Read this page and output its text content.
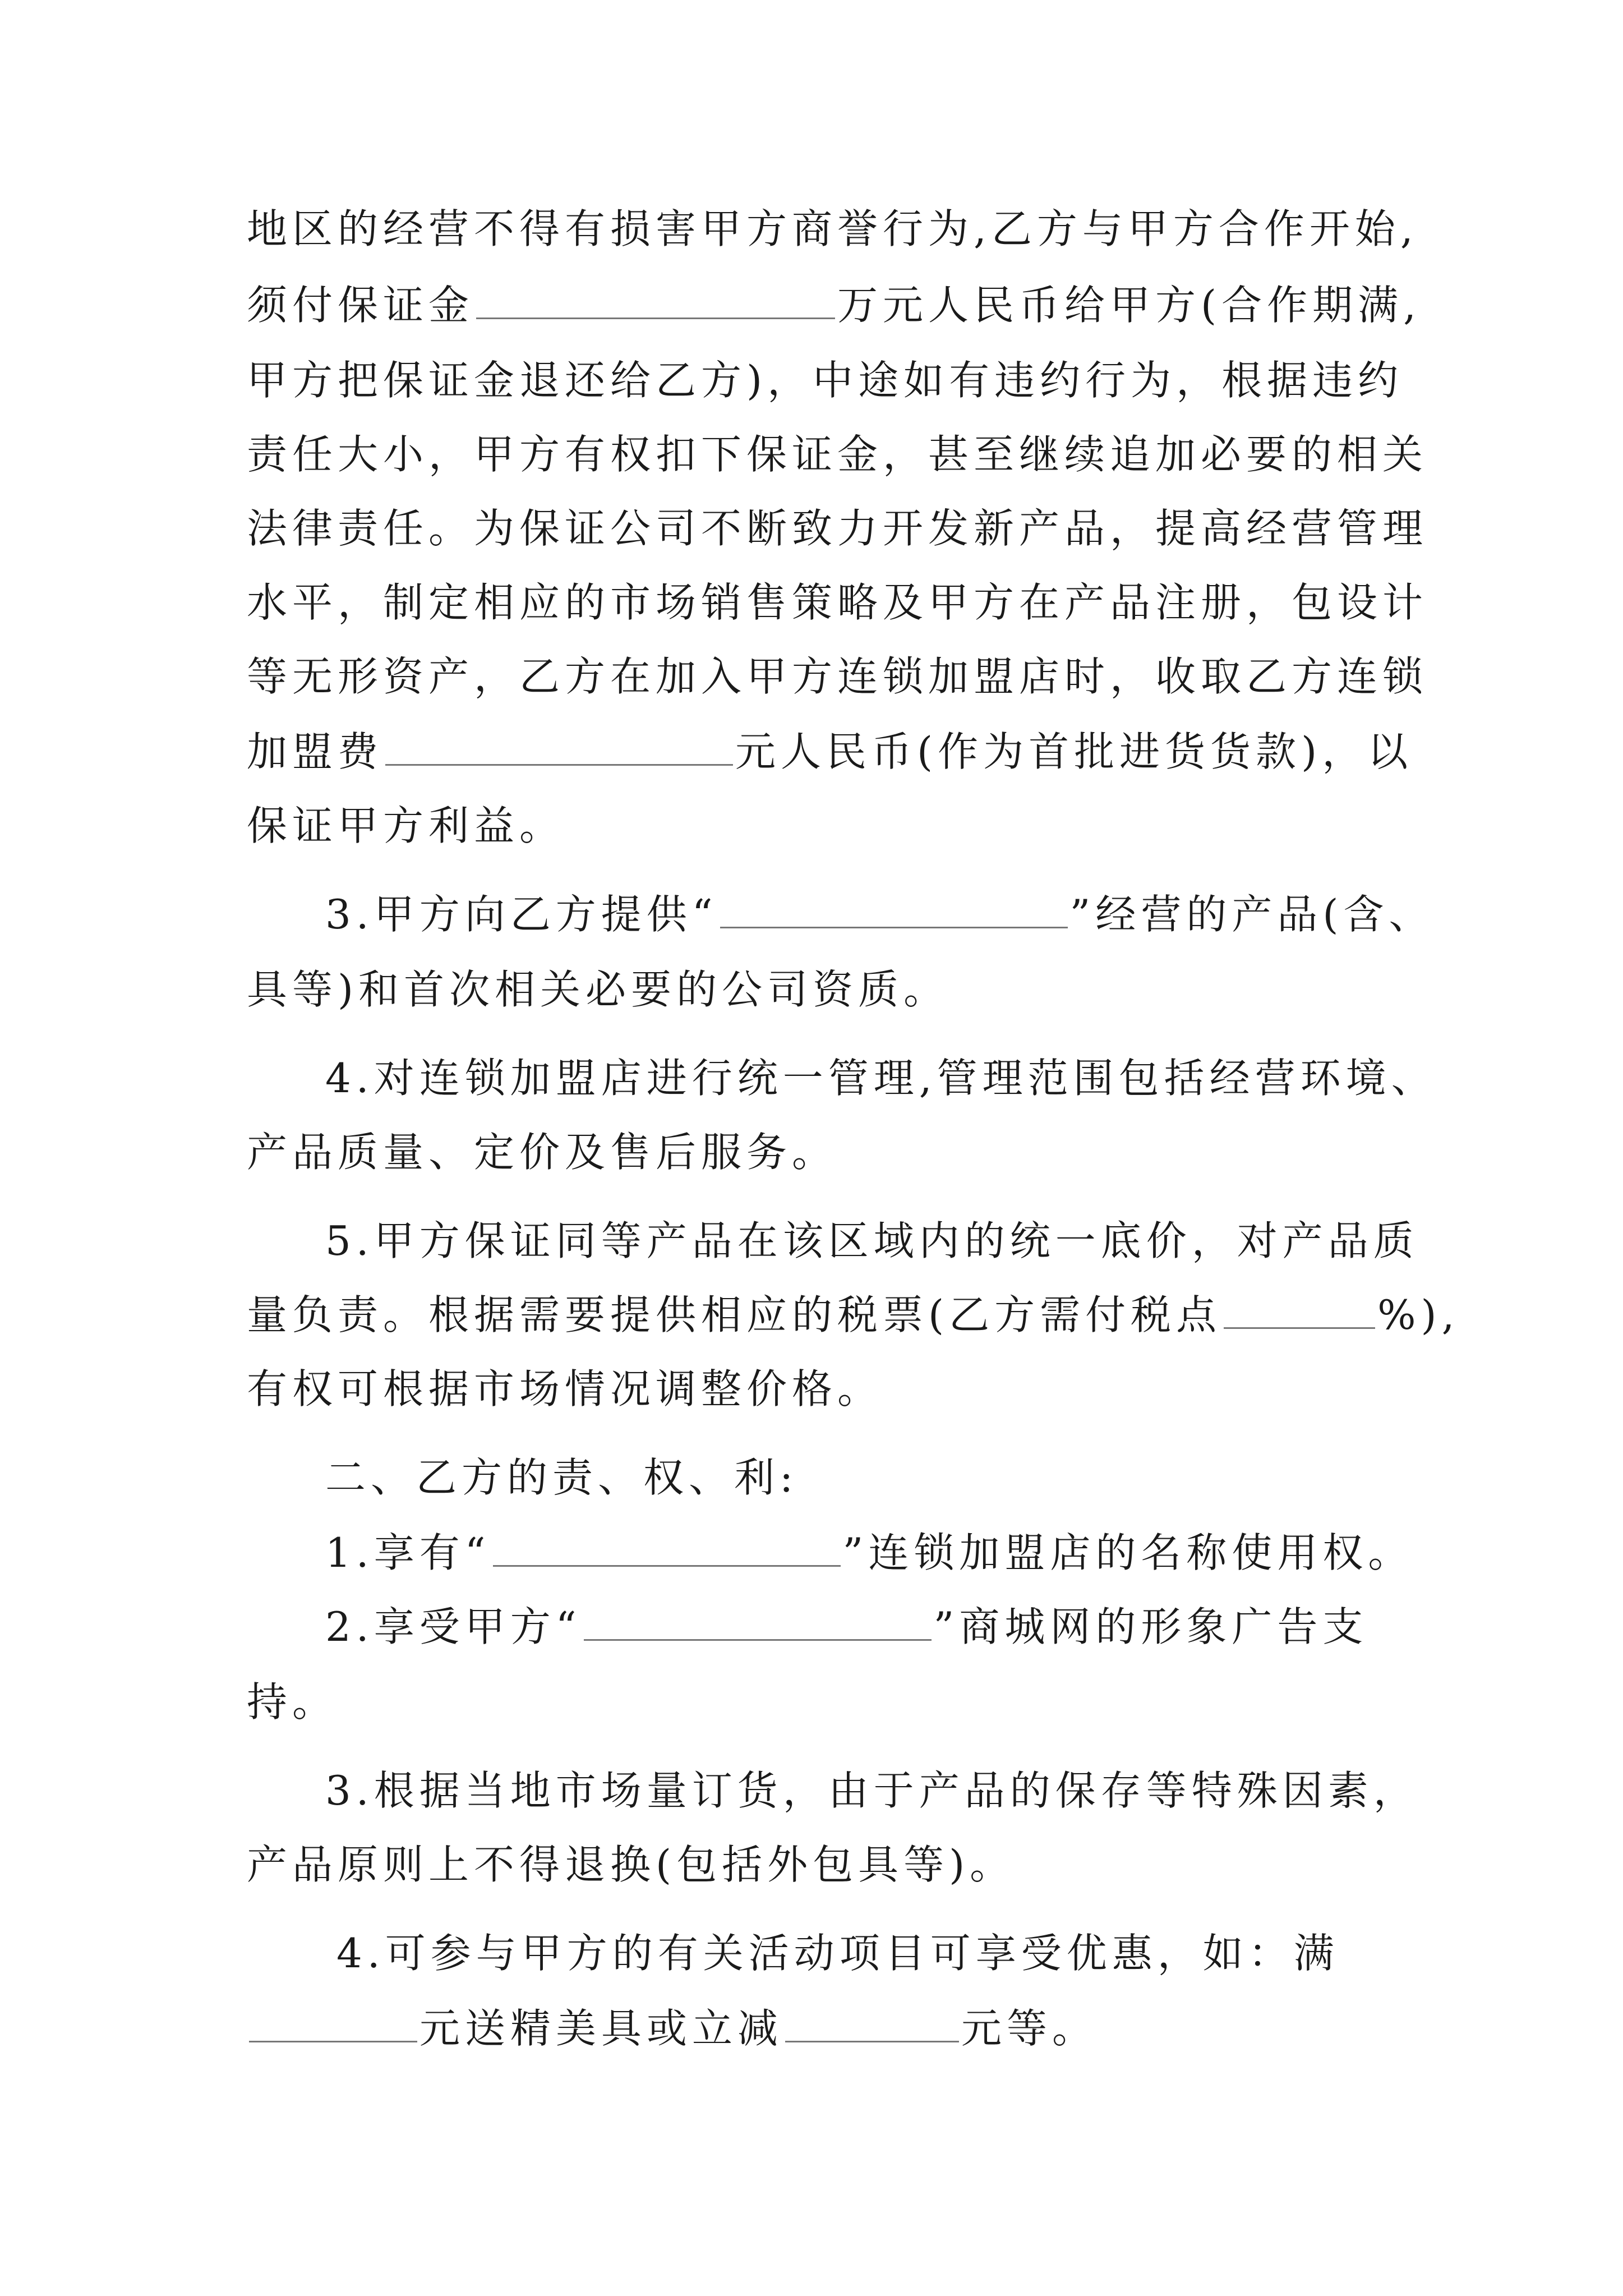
地区的经营不得有损害甲方商誉行为,乙方与甲方合作开始,
须付保证金	万元人民币给甲方(合作期满,
甲方把保证金退还给乙方)，中途如有违约行为，根据违约
责任大小，甲方有权扣下保证金，甚至继续追加必要的相关
法律责任。为保证公司不断致力开发新产品，提高经营管理
水平，制定相应的市场销售策略及甲方在产品注册，包设计
等无形资产，乙方在加入甲方连锁加盟店时，收取乙方连锁
加盟费	元人民币(作为首批进货货款)，以
保证甲方利益。
3.甲方向乙方提供“	”经营的产品(含、
具等)和首次相关必要的公司资质。
4.对连锁加盟店进行统一管理,管理范围包括经营环境、
产品质量、定价及售后服务。
5.甲方保证同等产品在该区域内的统一底价，对产品质
量负责。根据需要提供相应的税票(乙方需付税点	%),
有权可根据市场情况调整价格。
二、乙方的责、权、利:
1.享有“	”连锁加盟店的名称使用权。
2.享受甲方“	”商城网的形象广告支
持。
3.根据当地市场量订货，由于产品的保存等特殊因素，
产品原则上不得退换(包括外包具等)。
4.可参与甲方的有关活动项目可享受优惠，如：满
元送精美具或立减	元等。
